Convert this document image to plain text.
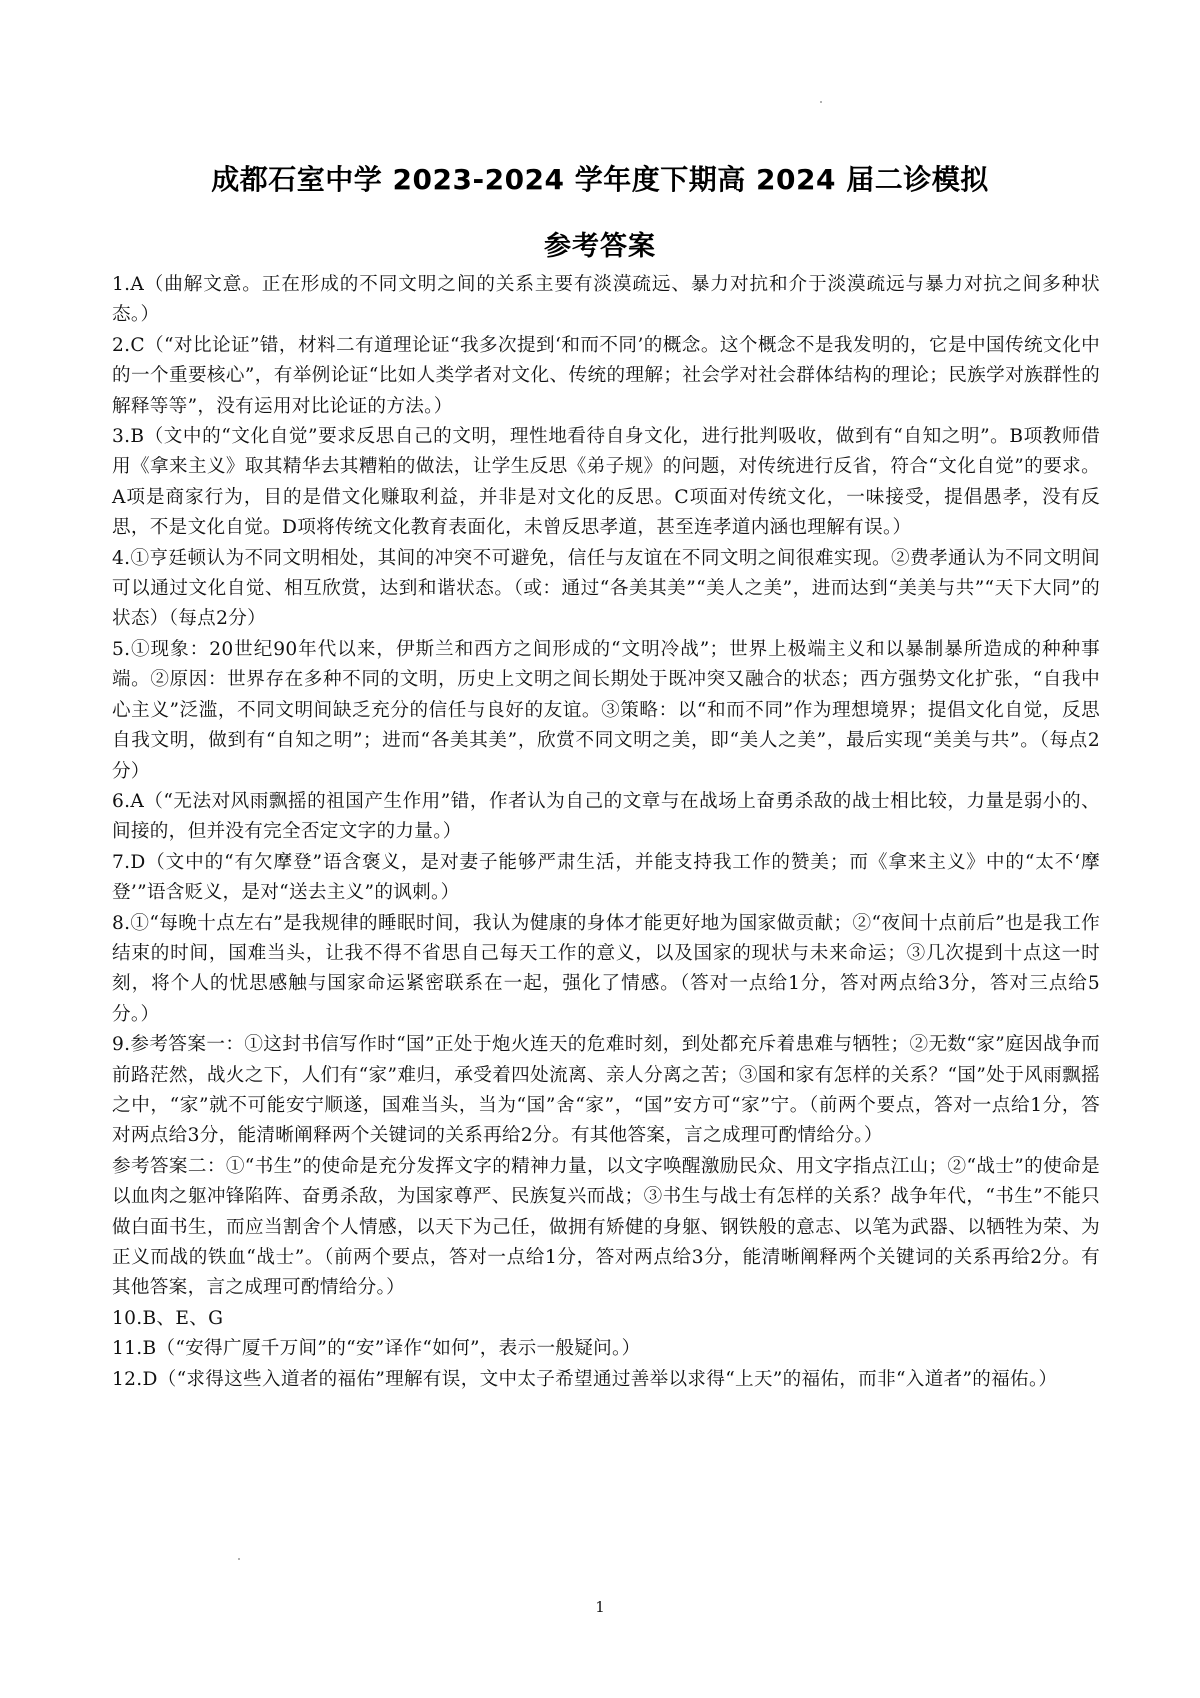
成都石室中学 2023-2024 学年度下期高 2024 届二诊模拟
参考答案

1.A（曲解文意。正在形成的不同文明之间的关系主要有淡漠疏远、暴力对抗和介于淡漠疏远与暴力对抗之间多种状态。）

2.C（“对比论证”错，材料二有道理论证“我多次提到‘和而不同’的概念。这个概念不是我发明的，它是中国传统文化中的一个重要核心”，有举例论证“比如人类学者对文化、传统的理解；社会学对社会群体结构的理论；民族学对族群性的解释等等”，没有运用对比论证的方法。）

3.B（文中的“文化自觉”要求反思自己的文明，理性地看待自身文化，进行批判吸收，做到有“自知之明”。B项教师借用《拿来主义》取其精华去其糟粕的做法，让学生反思《弟子规》的问题，对传统进行反省，符合“文化自觉”的要求。A项是商家行为，目的是借文化赚取利益，并非是对文化的反思。C项面对传统文化，一味接受，提倡愚孝，没有反思，不是文化自觉。D项将传统文化教育表面化，未曾反思孝道，甚至连孝道内涵也理解有误。）

4.①亨廷顿认为不同文明相处，其间的冲突不可避免，信任与友谊在不同文明之间很难实现。②费孝通认为不同文明间可以通过文化自觉、相互欣赏，达到和谐状态。（或：通过“各美其美”“美人之美”，进而达到“美美与共”“天下大同”的状态）（每点2分）

5.①现象：20世纪90年代以来，伊斯兰和西方之间形成的“文明冷战”；世界上极端主义和以暴制暴所造成的种种事端。②原因：世界存在多种不同的文明，历史上文明之间长期处于既冲突又融合的状态；西方强势文化扩张，“自我中心主义”泛滥，不同文明间缺乏充分的信任与良好的友谊。③策略：以“和而不同”作为理想境界；提倡文化自觉，反思自我文明，做到有“自知之明”；进而“各美其美”，欣赏不同文明之美，即“美人之美”，最后实现“美美与共”。（每点2分）

6.A（“无法对风雨飘摇的祖国产生作用”错，作者认为自己的文章与在战场上奋勇杀敌的战士相比较，力量是弱小的、间接的，但并没有完全否定文字的力量。）

7.D（文中的“有欠摩登”语含褒义，是对妻子能够严肃生活，并能支持我工作的赞美；而《拿来主义》中的“太不‘摩登’”语含贬义，是对“送去主义”的讽刺。）

8.①“每晚十点左右”是我规律的睡眠时间，我认为健康的身体才能更好地为国家做贡献；②“夜间十点前后”也是我工作结束的时间，国难当头，让我不得不省思自己每天工作的意义，以及国家的现状与未来命运；③几次提到十点这一时刻，将个人的忧思感触与国家命运紧密联系在一起，强化了情感。（答对一点给1分，答对两点给3分，答对三点给5分。）

9.参考答案一：①这封书信写作时“国”正处于炮火连天的危难时刻，到处都充斥着患难与牺牲；②无数“家”庭因战争而前路茫然，战火之下，人们有“家”难归，承受着四处流离、亲人分离之苦；③国和家有怎样的关系？“国”处于风雨飘摇之中，“家”就不可能安宁顺遂，国难当头，当为“国”舍“家”，“国”安方可“家”宁。（前两个要点，答对一点给1分，答对两点给3分，能清晰阐释两个关键词的关系再给2分。有其他答案，言之成理可酌情给分。）

参考答案二：①“书生”的使命是充分发挥文字的精神力量，以文字唤醒激励民众、用文字指点江山；②“战士”的使命是以血肉之躯冲锋陷阵、奋勇杀敌，为国家尊严、民族复兴而战；③书生与战士有怎样的关系？战争年代，“书生”不能只做白面书生，而应当割舍个人情感，以天下为己任，做拥有矫健的身躯、钢铁般的意志、以笔为武器、以牺牲为荣、为正义而战的铁血“战士”。（前两个要点，答对一点给1分，答对两点给3分，能清晰阐释两个关键词的关系再给2分。有其他答案，言之成理可酌情给分。）

10.B、E、G

11.B（“安得广厦千万间”的“安”译作“如何”，表示一般疑问。）

12.D（“求得这些入道者的福佑”理解有误，文中太子希望通过善举以求得“上天”的福佑，而非“入道者”的福佑。）

1
